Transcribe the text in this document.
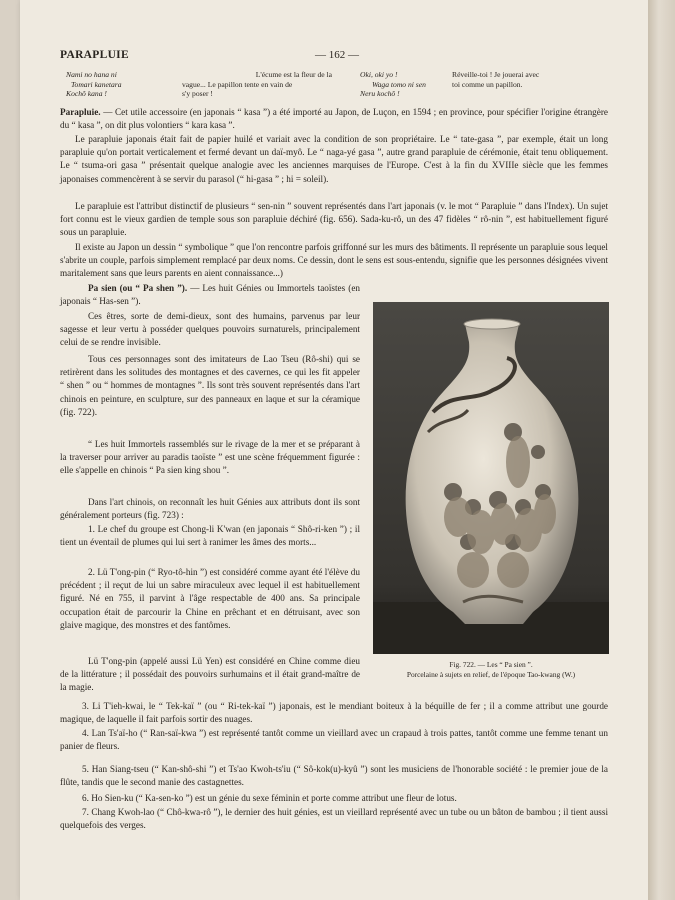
PARAPLUIE	— 162 —
Nami no hana ni
Tomari kanetara
Kochô kana !
L'écume est la fleur de la
vague... Le papillon tente en vain de
s'y poser !
Oki, oki yo !
Waga tomo ni sen
Neru kochô !
Réveille-toi ! Je jouerai avec
toi comme un papillon.
Parapluie. — Cet utile accessoire (en japonais “ kasa ”) a été importé au Japon, de Luçon, en 1594 ; en province, pour spécifier l'origine étrangère du “ kasa ”, on dit plus volontiers “ kara kasa ”.
Le parapluie japonais était fait de papier huilé et variait avec la condition de son propriétaire. Le “ tate-gasa ”, par exemple, était un long parapluie qu'on portait verticalement et fermé devant un daï-myô. Le “ naga-yé gasa ”, autre grand parapluie de cérémonie, était tenu obliquement. Le “ tsuma-ori gasa ” présentait quelque analogie avec les anciennes marquises de l'Europe. C'est à la fin du XVIIIe siècle que les femmes japonaises commencèrent à se servir du parasol (“ hi-gasa ” ; hi = soleil).
Le parapluie est l'attribut distinctif de plusieurs “ sen-nin ” souvent représentés dans l'art japonais (v. le mot “ Parapluie ” dans l'Index). Un sujet fort connu est le vieux gardien de temple sous son parapluie déchiré (fig. 656). Sada-ku-rô, un des 47 fidèles “ rô-nin ”, est habituellement figuré sous un parapluie.
Il existe au Japon un dessin “ symbolique ” que l'on rencontre parfois griffonné sur les murs des bâtiments. Il représente un parapluie sous lequel s'abrite un couple, parfois simplement remplacé par deux noms. Ce dessin, dont le sens est sous-entendu, signifie que les personnes désignées vivent maritalement sans que leurs parents en aient connaissance...)
Pa sien (ou “ Pa shen ”). — Les huit Génies ou Immortels taoïstes (en japonais “ Has-sen ”).
Ces êtres, sorte de demi-dieux, sont des humains, parvenus par leur sagesse et leur vertu à posséder quelques pouvoirs surnaturels, principalement celui de se rendre invisible.
Tous ces personnages sont des imitateurs de Lao Tseu (Rô-shi) qui se retirèrent dans les solitudes des montagnes et des cavernes, ce qui les fit appeler “ shen ” ou “ hommes de montagnes ”. Ils sont très souvent représentés dans l'art chinois en peinture, en sculpture, sur des panneaux en laque et sur la céramique (fig. 722).
“ Les huit Immortels rassemblés sur le rivage de la mer et se préparant à la traverser pour arriver au paradis taoïste ” est une scène fréquemment figurée : elle s'appelle en chinois “ Pa sien king shou ”.
Dans l'art chinois, on reconnaît les huit Génies aux attributs dont ils sont généralement porteurs (fig. 723) :
1. Le chef du groupe est Chong-li K'wan (en japonais “ Shô-ri-ken ”) ; il tient un éventail de plumes qui lui sert à ranimer les âmes des morts...
2. Lü T'ong-pin (“ Ryo-tô-hin ”) est considéré comme ayant été l'élève du précédent ; il reçut de lui un sabre miraculeux avec lequel il est habituellement figuré. Né en 755, il parvint à l'âge respectable de 400 ans. Sa principale occupation était de parcourir la Chine en prêchant et en détruisant, avec son glaive magique, des monstres et des fantômes.
Lü T'ong-pin (appelé aussi Lü Yen) est considéré en Chine comme dieu de la littérature ; il possédait des pouvoirs surhumains et il était grand-maître de la magie.
3. Li T'ieh-kwai, le “ Tek-kaï ” (ou “ Ri-tek-kaï ”) japonais, est le mendiant boiteux à la béquille de fer ; il a comme attribut une gourde magique, de laquelle il fait parfois sortir des nuages.
4. Lan Ts'aï-ho (“ Ran-saï-kwa ”) est représenté tantôt comme un vieillard avec un crapaud à trois pattes, tantôt comme une femme tenant un panier de fleurs.
5. Han Siang-tseu (“ Kan-shô-shi ”) et Ts'ao Kwoh-ts'iu (“ Sô-kok(u)-kyû ”) sont les musiciens de l'honorable société : le premier joue de la flûte, tandis que le second manie des castagnettes.
6. Ho Sien-ku (“ Ka-sen-ko ”) est un génie du sexe féminin et porte comme attribut une fleur de lotus.
7. Chang Kwoh-lao (“ Chô-kwa-rô ”), le dernier des huit génies, est un vieillard représenté avec un tube ou un bâton de bambou ; il tient aussi quelquefois des verges.
Fig. 722. — Les “ Pa sien ”.
Porcelaine à sujets en relief, de l'époque Tao-kwang (W.)
